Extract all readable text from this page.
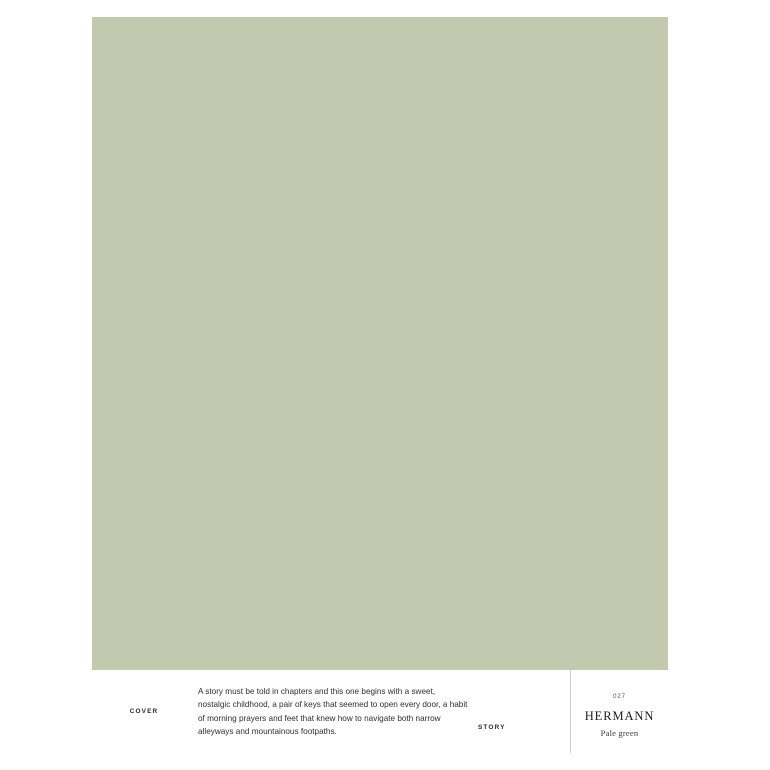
COVER

A story must be told in chapters and this one begins with a sweet, nostalgic childhood, a pair of keys that seemed to open every door, a habit of morning prayers and feet that knew how to navigate both narrow alleyways and mountainous footpaths.	STORY
027
HERMANN
Pale green
